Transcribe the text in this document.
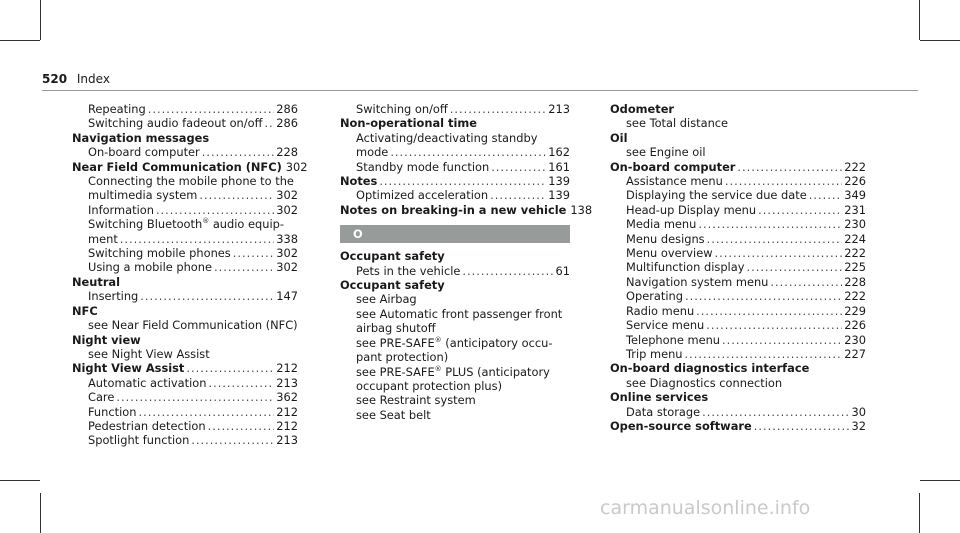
520 Index
Repeating .....	286
Switching audio fadeout on/off ..... 286
Navigation messages
On-board computer .....	228
Near Field Communication (NFC) 302
Connecting the mobile phone to the
multimedia system .....	302
Information .....	302
Switching Bluetooth® audio equip-
ment .....	338
Switching mobile phones .....	302
Using a mobile phone .....	302
Neutral
Inserting .....	147
NFC
see Near Field Communication (NFC)
Night view
see Night View Assist
Night View Assist .....	212
Automatic activation .....	213
Care .....	362
Function .....	212
Pedestrian detection .....	212
Spotlight function .....	213
Switching on/off .....	213
Non-operational time
Activating/deactivating standby
mode .....	162
Standby mode function .....	161
Notes .....	139
Optimized acceleration .....	139
Notes on breaking-in a new vehicle 138
O
Occupant safety
Pets in the vehicle .....	61
Occupant safety
see Airbag
see Automatic front passenger front
airbag shutoff
see PRE-SAFE® (anticipatory occu-
pant protection)
see PRE-SAFE® PLUS (anticipatory
occupant protection plus)
see Restraint system
see Seat belt
Odometer
see Total distance
Oil
see Engine oil
On-board computer .....	222
Assistance menu .....	226
Displaying the service due date .....	349
Head-up Display menu .....	231
Media menu .....	230
Menu designs .....	224
Menu overview .....	222
Multifunction display .....	225
Navigation system menu .....	228
Operating .....	222
Radio menu .....	229
Service menu .....	226
Telephone menu .....	230
Trip menu .....	227
On-board diagnostics interface
see Diagnostics connection
Online services
Data storage .....	30
Open-source software .....	32
carmanualsonline.info
